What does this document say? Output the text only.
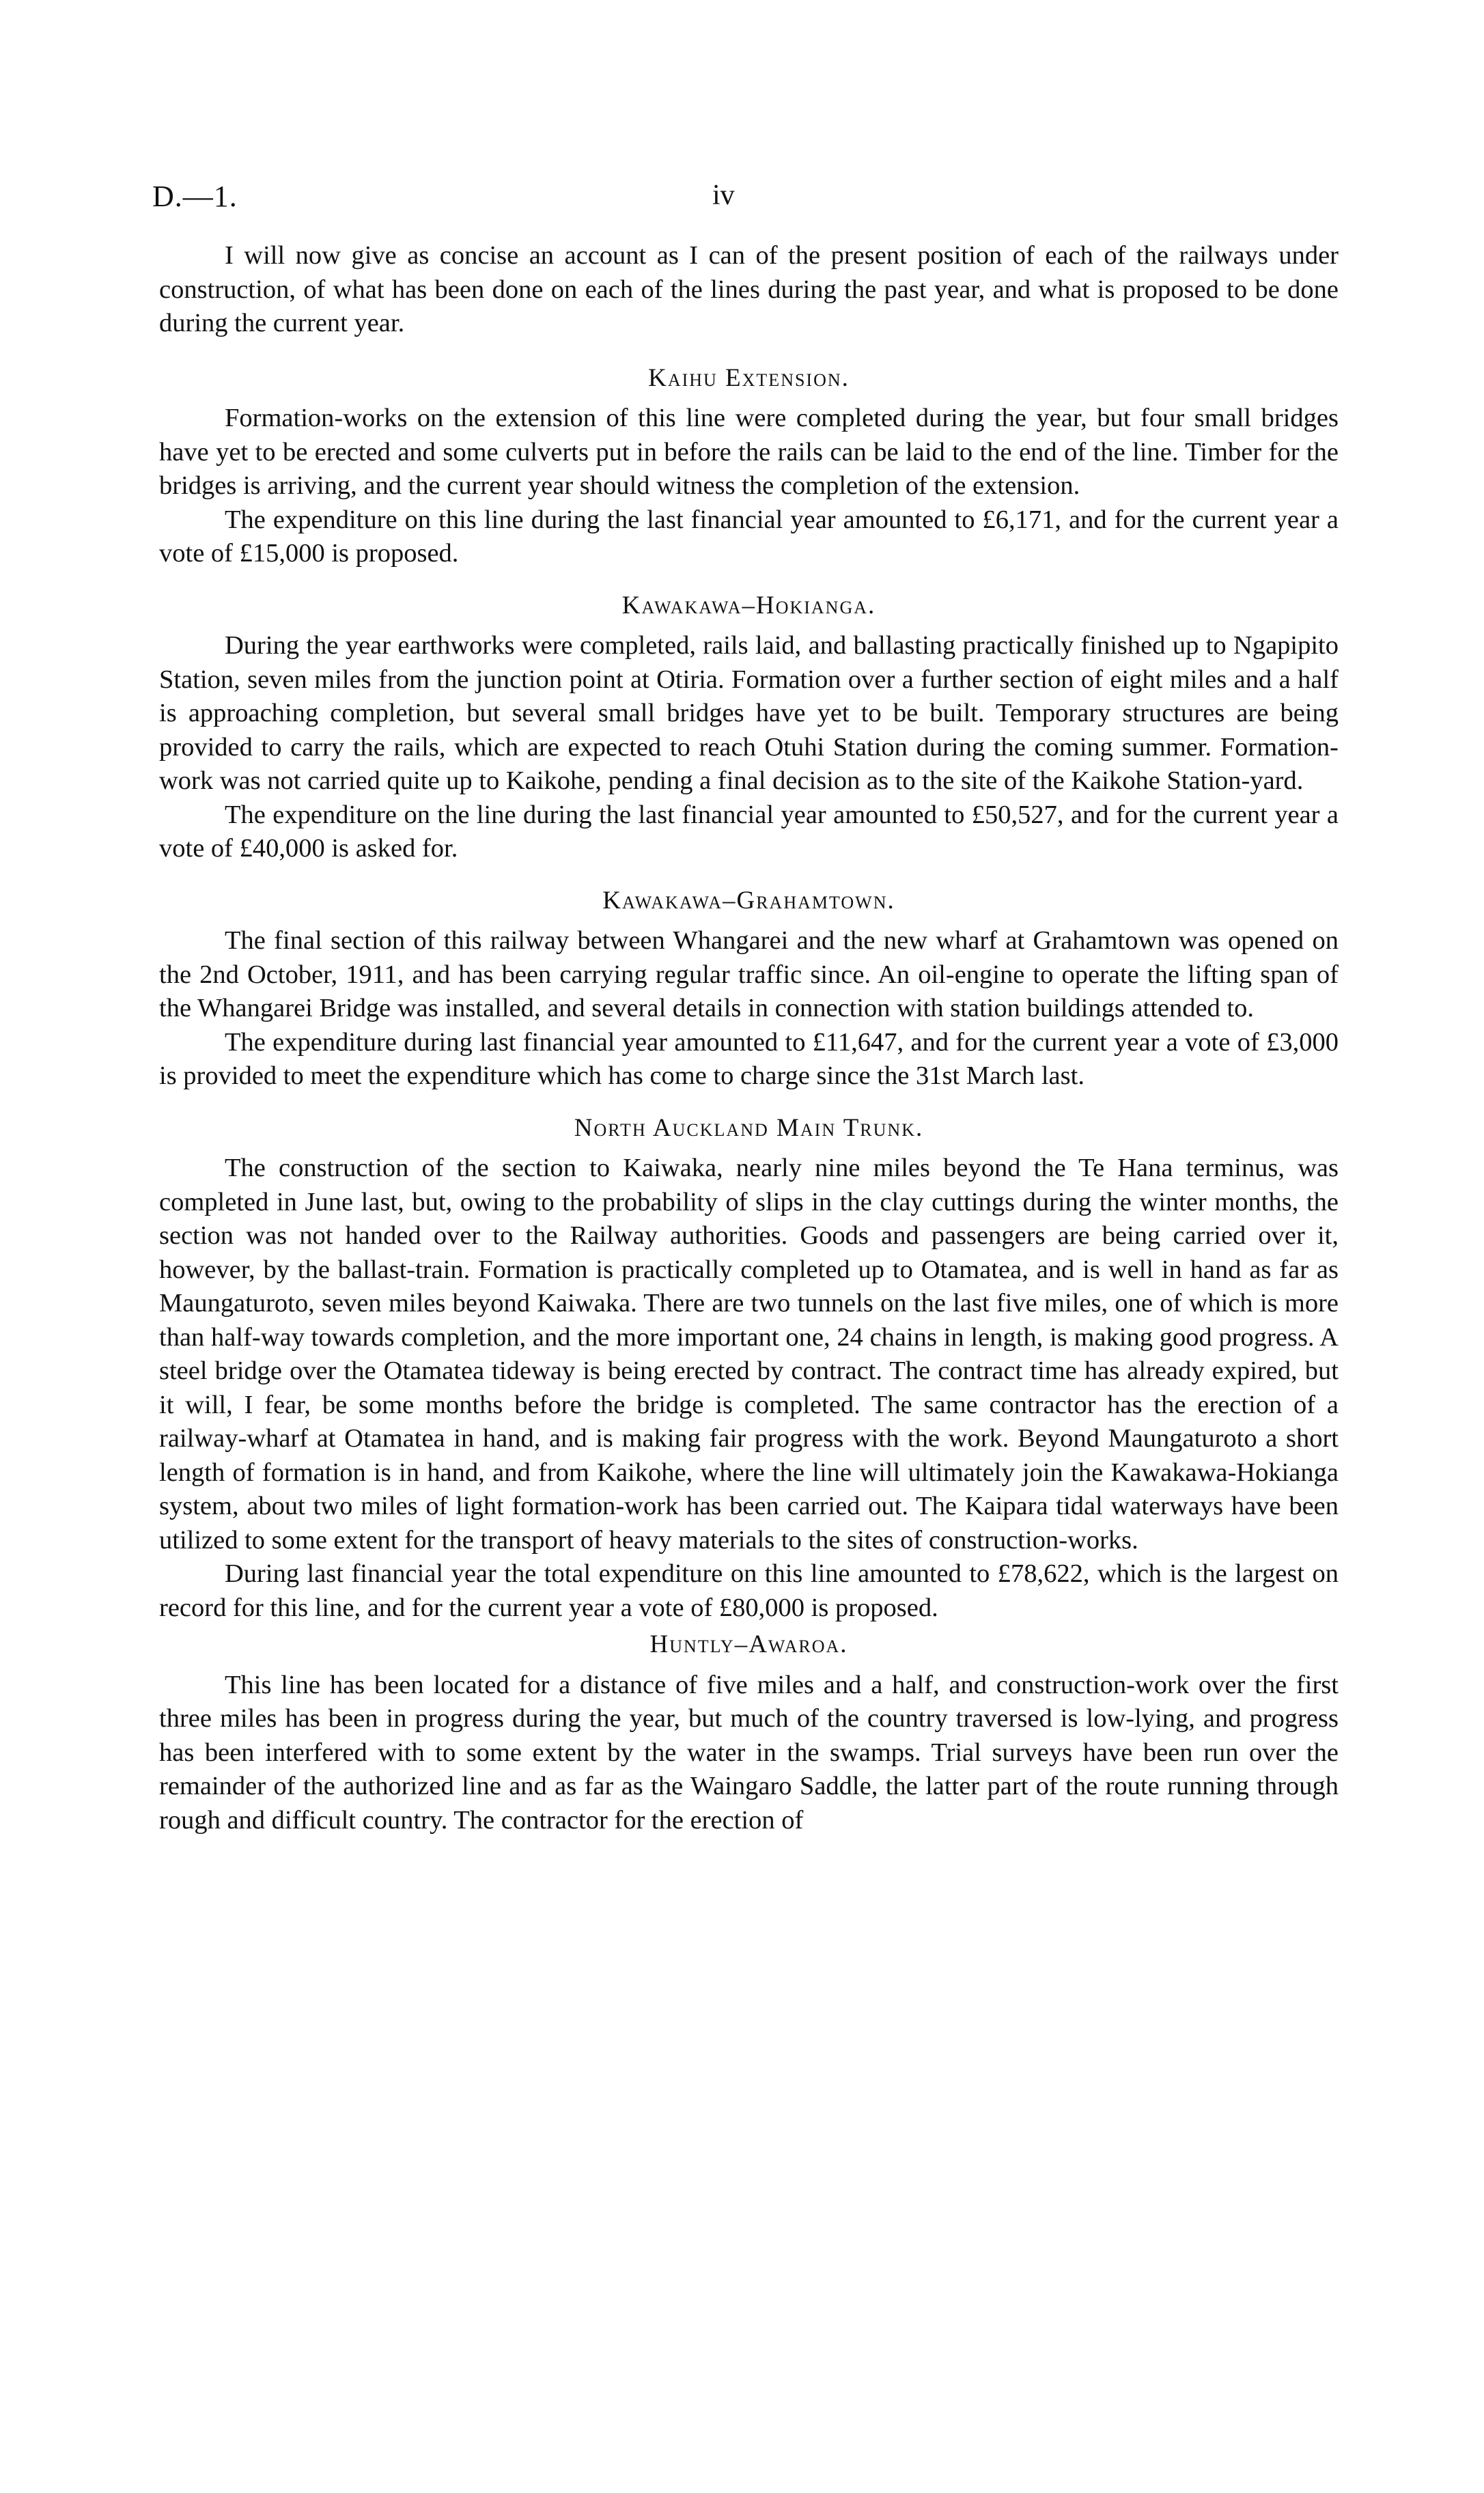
D.—1.	iv

I will now give as concise an account as I can of the present position of each of the railways under construction, of what has been done on each of the lines during the past year, and what is proposed to be done during the current year.

Kaihu Extension.

Formation-works on the extension of this line were completed during the year, but four small bridges have yet to be erected and some culverts put in before the rails can be laid to the end of the line. Timber for the bridges is arriving, and the current year should witness the completion of the extension.

The expenditure on this line during the last financial year amounted to £6,171, and for the current year a vote of £15,000 is proposed.

Kawakawa–Hokianga.

During the year earthworks were completed, rails laid, and ballasting practically finished up to Ngapipito Station, seven miles from the junction point at Otiria. Formation over a further section of eight miles and a half is approaching completion, but several small bridges have yet to be built. Temporary structures are being provided to carry the rails, which are expected to reach Otuhi Station during the coming summer. Formation-work was not carried quite up to Kaikohe, pending a final decision as to the site of the Kaikohe Station-yard.

The expenditure on the line during the last financial year amounted to £50,527, and for the current year a vote of £40,000 is asked for.

Kawakawa–Grahamtown.

The final section of this railway between Whangarei and the new wharf at Grahamtown was opened on the 2nd October, 1911, and has been carrying regular traffic since. An oil-engine to operate the lifting span of the Whangarei Bridge was installed, and several details in connection with station buildings attended to.

The expenditure during last financial year amounted to £11,647, and for the current year a vote of £3,000 is provided to meet the expenditure which has come to charge since the 31st March last.

North Auckland Main Trunk.

The construction of the section to Kaiwaka, nearly nine miles beyond the Te Hana terminus, was completed in June last, but, owing to the probability of slips in the clay cuttings during the winter months, the section was not handed over to the Railway authorities. Goods and passengers are being carried over it, however, by the ballast-train. Formation is practically completed up to Otamatea, and is well in hand as far as Maungaturoto, seven miles beyond Kaiwaka. There are two tunnels on the last five miles, one of which is more than half-way towards completion, and the more important one, 24 chains in length, is making good progress. A steel bridge over the Otamatea tideway is being erected by contract. The contract time has already expired, but it will, I fear, be some months before the bridge is completed. The same contractor has the erection of a railway-wharf at Otamatea in hand, and is making fair progress with the work. Beyond Maungaturoto a short length of formation is in hand, and from Kaikohe, where the line will ultimately join the Kawakawa-Hokianga system, about two miles of light formation-work has been carried out. The Kaipara tidal waterways have been utilized to some extent for the transport of heavy materials to the sites of construction-works.

During last financial year the total expenditure on this line amounted to £78,622, which is the largest on record for this line, and for the current year a vote of £80,000 is proposed.

Huntly–Awaroa.

This line has been located for a distance of five miles and a half, and construction-work over the first three miles has been in progress during the year, but much of the country traversed is low-lying, and progress has been interfered with to some extent by the water in the swamps. Trial surveys have been run over the remainder of the authorized line and as far as the Waingaro Saddle, the latter part of the route running through rough and difficult country. The contractor for the erection of
